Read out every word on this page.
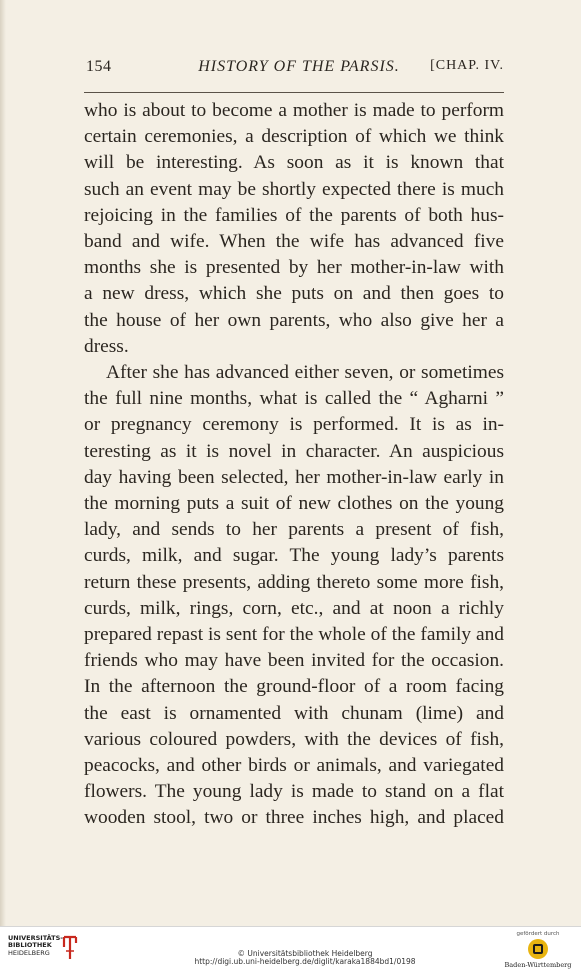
154	HISTORY OF THE PARSIS.	[CHAP. IV.

who is about to become a mother is made to perform
certain ceremonies, a description of which we think
will be interesting. As soon as it is known that
such an event may be shortly expected there is much
rejoicing in the families of the parents of both hus-
band and wife. When the wife has advanced five
months she is presented by her mother-in-law with
a new dress, which she puts on and then goes to
the house of her own parents, who also give her a
dress.

After she has advanced either seven, or sometimes
the full nine months, what is called the “ Agharni ”
or pregnancy ceremony is performed. It is as in-
teresting as it is novel in character. An auspicious
day having been selected, her mother-in-law early in
the morning puts a suit of new clothes on the young
lady, and sends to her parents a present of fish,
curds, milk, and sugar. The young lady’s parents
return these presents, adding thereto some more fish,
curds, milk, rings, corn, etc., and at noon a richly
prepared repast is sent for the whole of the family and
friends who may have been invited for the occasion.
In the afternoon the ground-floor of a room facing
the east is ornamented with chunam (lime) and
various coloured powders, with the devices of fish,
peacocks, and other birds or animals, and variegated
flowers. The young lady is made to stand on a flat
wooden stool, two or three inches high, and placed

UNIVERSITÄTS-
BIBLIOTHEK
HEIDELBERG	© Universitätsbibliothek Heidelberg
http://digi.ub.uni-heidelberg.de/diglit/karaka1884bd1/0198
gefördert durch
Baden-Württemberg
